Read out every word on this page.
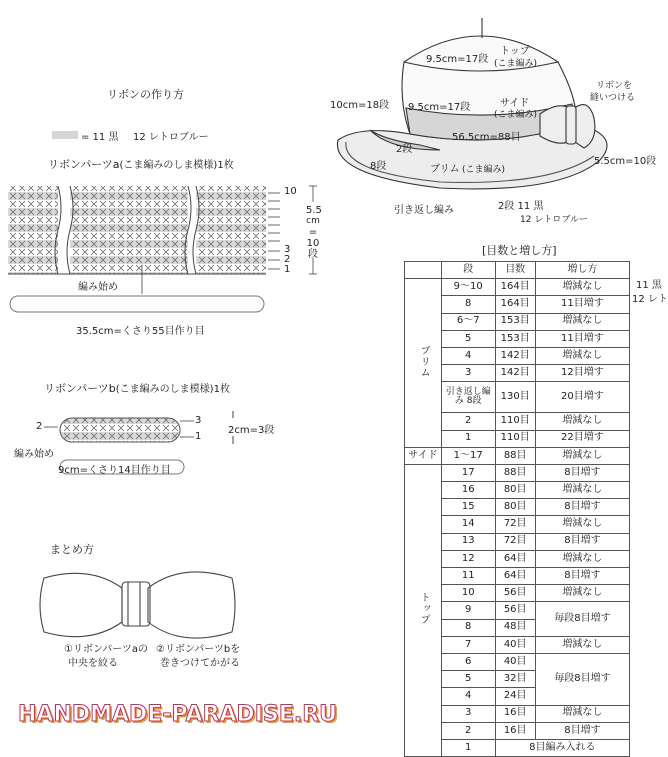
リボンの作り方
= 11 黒 12 レトロブルー
リボンパーツa(こま編みのしま模様)1枚
10
3
2
1
5.5
cm
=
10
段
編み始め
35.5cm=くさり55目作り目
リボンパーツb(こま編みのしま模様)1枚
2
3
1
2cm=3段
編み始め
9cm=くさり14目作り目
まとめ方
①リボンパーツaの
中央を絞る
②リボンパーツbを
巻きつけてかがる
トップ
(こま編み)
9.5cm=17段
サイド
(こま編み)
9.5cm=17段
10cm=18段
56.5cm=88目
2段
8段	ブリム (こま編み)
リボンを
縫いつける
5.5cm=10段
引き返し編み	2段 11 黒
12 レトロブルー
[目数と増し方]
11 黒
12 レト
	段	目数	増し方
ブリム	9〜10	164目	増減なし
	8	164目	11目増す
	6〜7	153目	増減なし
	5	153目	11目増す
	4	142目	増減なし
	3	142目	12目増す
	引き返し編み 8段	130目	20目増す
	2	110目	増減なし
	1	110目	22目増す
サイド	1〜17	88目	増減なし
トップ	17	88目	8目増す
	16	80目	増減なし
	15	80目	8目増す
	14	72目	増減なし
	13	72目	8目増す
	12	64目	増減なし
	11	64目	8目増す
	10	56目	増減なし
	9	56目	毎段8目増す
	8	48目	
	7	40目	増減なし
	6	40目	毎段8目増す
	5	32目	
	4	24目	
	3	16目	増減なし
	2	16目	8目増す
	1	8目編み入れる	
HANDMADE-PARADISE.RU
